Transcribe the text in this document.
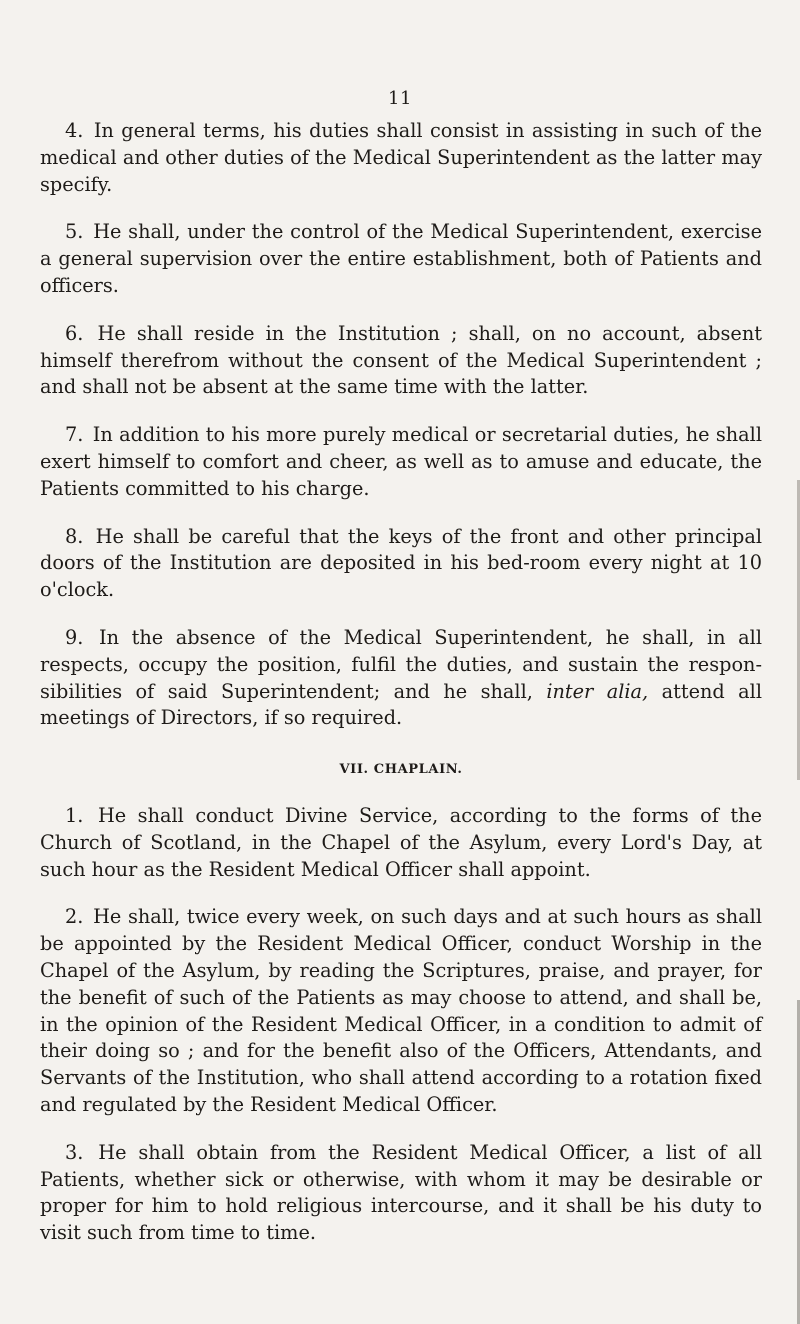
11

4. In general terms, his duties shall consist in assisting in such of the medical and other duties of the Medical Superintendent as the latter may specify.

5. He shall, under the control of the Medical Superintendent, exercise a general supervision over the entire establishment, both of Patients and officers.

6. He shall reside in the Institution ; shall, on no account, absent himself therefrom without the consent of the Medical Superintendent ; and shall not be absent at the same time with the latter.

7. In addition to his more purely medical or secretarial duties, he shall exert himself to comfort and cheer, as well as to amuse and educate, the Patients committed to his charge.

8. He shall be careful that the keys of the front and other principal doors of the Institution are deposited in his bed-room every night at 10 o'clock.

9. In the absence of the Medical Superintendent, he shall, in all respects, occupy the position, fulfil the duties, and sustain the respon-sibilities of said Superintendent; and he shall, inter alia, attend all meetings of Directors, if so required.

VII. CHAPLAIN.

1. He shall conduct Divine Service, according to the forms of the Church of Scotland, in the Chapel of the Asylum, every Lord's Day, at such hour as the Resident Medical Officer shall appoint.

2. He shall, twice every week, on such days and at such hours as shall be appointed by the Resident Medical Officer, conduct Worship in the Chapel of the Asylum, by reading the Scriptures, praise, and prayer, for the benefit of such of the Patients as may choose to attend, and shall be, in the opinion of the Resident Medical Officer, in a condition to admit of their doing so ; and for the benefit also of the Officers, Attendants, and Servants of the Institution, who shall attend according to a rotation fixed and regulated by the Resident Medical Officer.

3. He shall obtain from the Resident Medical Officer, a list of all Patients, whether sick or otherwise, with whom it may be desirable or proper for him to hold religious intercourse, and it shall be his duty to visit such from time to time.
